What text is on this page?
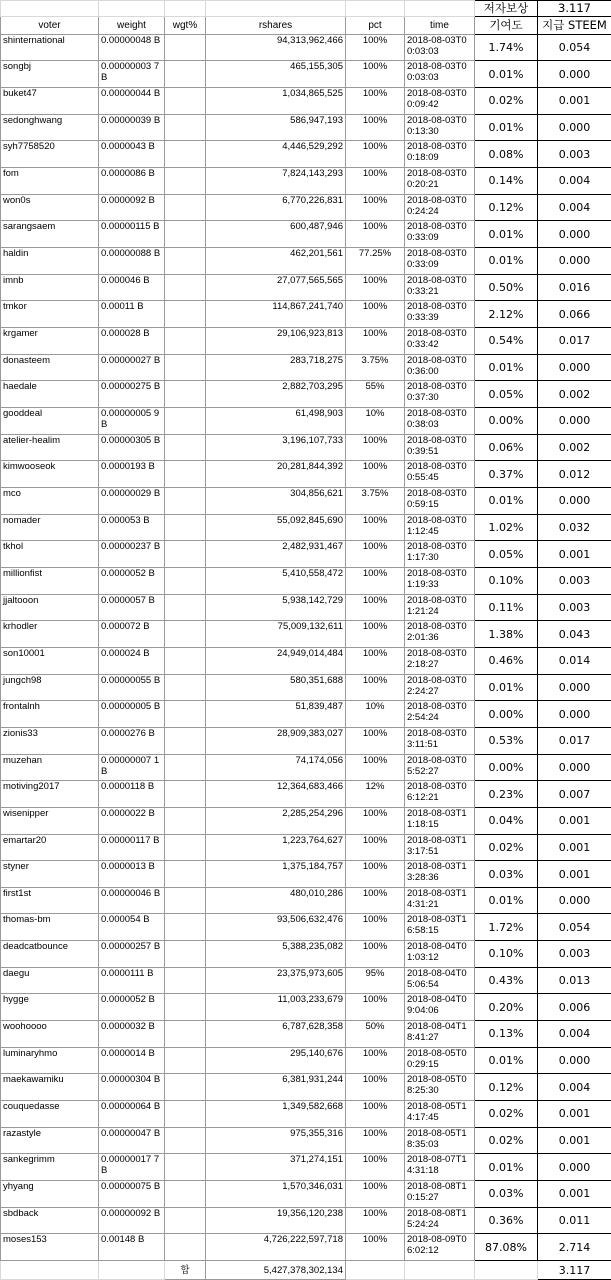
						저자보상	3.117
voter	weight	wgt%	rshares	pct	time	기여도	지급 STEEM
shinternational	0.00000048 B		94,313,962,466	100%	2018-08-03T00:03:03	1.74%	0.054
songbj	0.00000003 7 B		465,155,305	100%	2018-08-03T00:03:03	0.01%	0.000
buket47	0.00000044 B		1,034,865,525	100%	2018-08-03T00:09:42	0.02%	0.001
sedonghwang	0.00000039 B		586,947,193	100%	2018-08-03T00:13:30	0.01%	0.000
syh7758520	0.0000043 B		4,446,529,292	100%	2018-08-03T00:18:09	0.08%	0.003
fom	0.0000086 B		7,824,143,293	100%	2018-08-03T00:20:21	0.14%	0.004
won0s	0.0000092 B		6,770,226,831	100%	2018-08-03T00:24:24	0.12%	0.004
sarangsaem	0.00000115 B		600,487,946	100%	2018-08-03T00:33:09	0.01%	0.000
haldin	0.00000088 B		462,201,561	77.25%	2018-08-03T00:33:09	0.01%	0.000
imnb	0.000046 B		27,077,565,565	100%	2018-08-03T00:33:21	0.50%	0.016
tmkor	0.00011 B		114,867,241,740	100%	2018-08-03T00:33:39	2.12%	0.066
krgamer	0.000028 B		29,106,923,813	100%	2018-08-03T00:33:42	0.54%	0.017
donasteem	0.00000027 B		283,718,275	3.75%	2018-08-03T00:36:00	0.01%	0.000
haedale	0.00000275 B		2,882,703,295	55%	2018-08-03T00:37:30	0.05%	0.002
gooddeal	0.00000005 9 B		61,498,903	10%	2018-08-03T00:38:03	0.00%	0.000
atelier-healim	0.00000305 B		3,196,107,733	100%	2018-08-03T00:39:51	0.06%	0.002
kimwooseok	0.0000193 B		20,281,844,392	100%	2018-08-03T00:55:45	0.37%	0.012
mco	0.00000029 B		304,856,621	3.75%	2018-08-03T00:59:15	0.01%	0.000
nomader	0.000053 B		55,092,845,690	100%	2018-08-03T01:12:45	1.02%	0.032
tkhol	0.00000237 B		2,482,931,467	100%	2018-08-03T01:17:30	0.05%	0.001
millionfist	0.0000052 B		5,410,558,472	100%	2018-08-03T01:19:33	0.10%	0.003
jjaltooon	0.0000057 B		5,938,142,729	100%	2018-08-03T01:21:24	0.11%	0.003
krhodler	0.000072 B		75,009,132,611	100%	2018-08-03T02:01:36	1.38%	0.043
son10001	0.000024 B		24,949,014,484	100%	2018-08-03T02:18:27	0.46%	0.014
jungch98	0.00000055 B		580,351,688	100%	2018-08-03T02:24:27	0.01%	0.000
frontalnh	0.00000005 B		51,839,487	10%	2018-08-03T02:54:24	0.00%	0.000
zionis33	0.0000276 B		28,909,383,027	100%	2018-08-03T03:11:51	0.53%	0.017
muzehan	0.00000007 1 B		74,174,056	100%	2018-08-03T05:52:27	0.00%	0.000
motiving2017	0.0000118 B		12,364,683,466	12%	2018-08-03T06:12:21	0.23%	0.007
wisenipper	0.0000022 B		2,285,254,296	100%	2018-08-03T11:18:15	0.04%	0.001
emartar20	0.00000117 B		1,223,764,627	100%	2018-08-03T13:17:51	0.02%	0.001
styner	0.0000013 B		1,375,184,757	100%	2018-08-03T13:28:36	0.03%	0.001
first1st	0.00000046 B		480,010,286	100%	2018-08-03T14:31:21	0.01%	0.000
thomas-bm	0.000054 B		93,506,632,476	100%	2018-08-03T16:58:15	1.72%	0.054
deadcatbounce	0.00000257 B		5,388,235,082	100%	2018-08-04T01:03:12	0.10%	0.003
daegu	0.0000111 B		23,375,973,605	95%	2018-08-04T05:06:54	0.43%	0.013
hygge	0.0000052 B		11,003,233,679	100%	2018-08-04T09:04:06	0.20%	0.006
woohoooo	0.0000032 B		6,787,628,358	50%	2018-08-04T18:41:27	0.13%	0.004
luminaryhmo	0.0000014 B		295,140,676	100%	2018-08-05T00:29:15	0.01%	0.000
maekawamiku	0.00000304 B		6,381,931,244	100%	2018-08-05T08:25:30	0.12%	0.004
couquedasse	0.00000064 B		1,349,582,668	100%	2018-08-05T14:17:45	0.02%	0.001
razastyle	0.00000047 B		975,355,316	100%	2018-08-05T18:35:03	0.02%	0.001
sankegrimm	0.00000017 7 B		371,274,151	100%	2018-08-07T14:31:18	0.01%	0.000
yhyang	0.00000075 B		1,570,346,031	100%	2018-08-08T10:15:27	0.03%	0.001
sbdback	0.00000092 B		19,356,120,238	100%	2018-08-08T15:24:24	0.36%	0.011
moses153	0.00148 B		4,726,222,597,718	100%	2018-08-09T06:02:12	87.08%	2.714
		합	5,427,378,302,134				3.117
